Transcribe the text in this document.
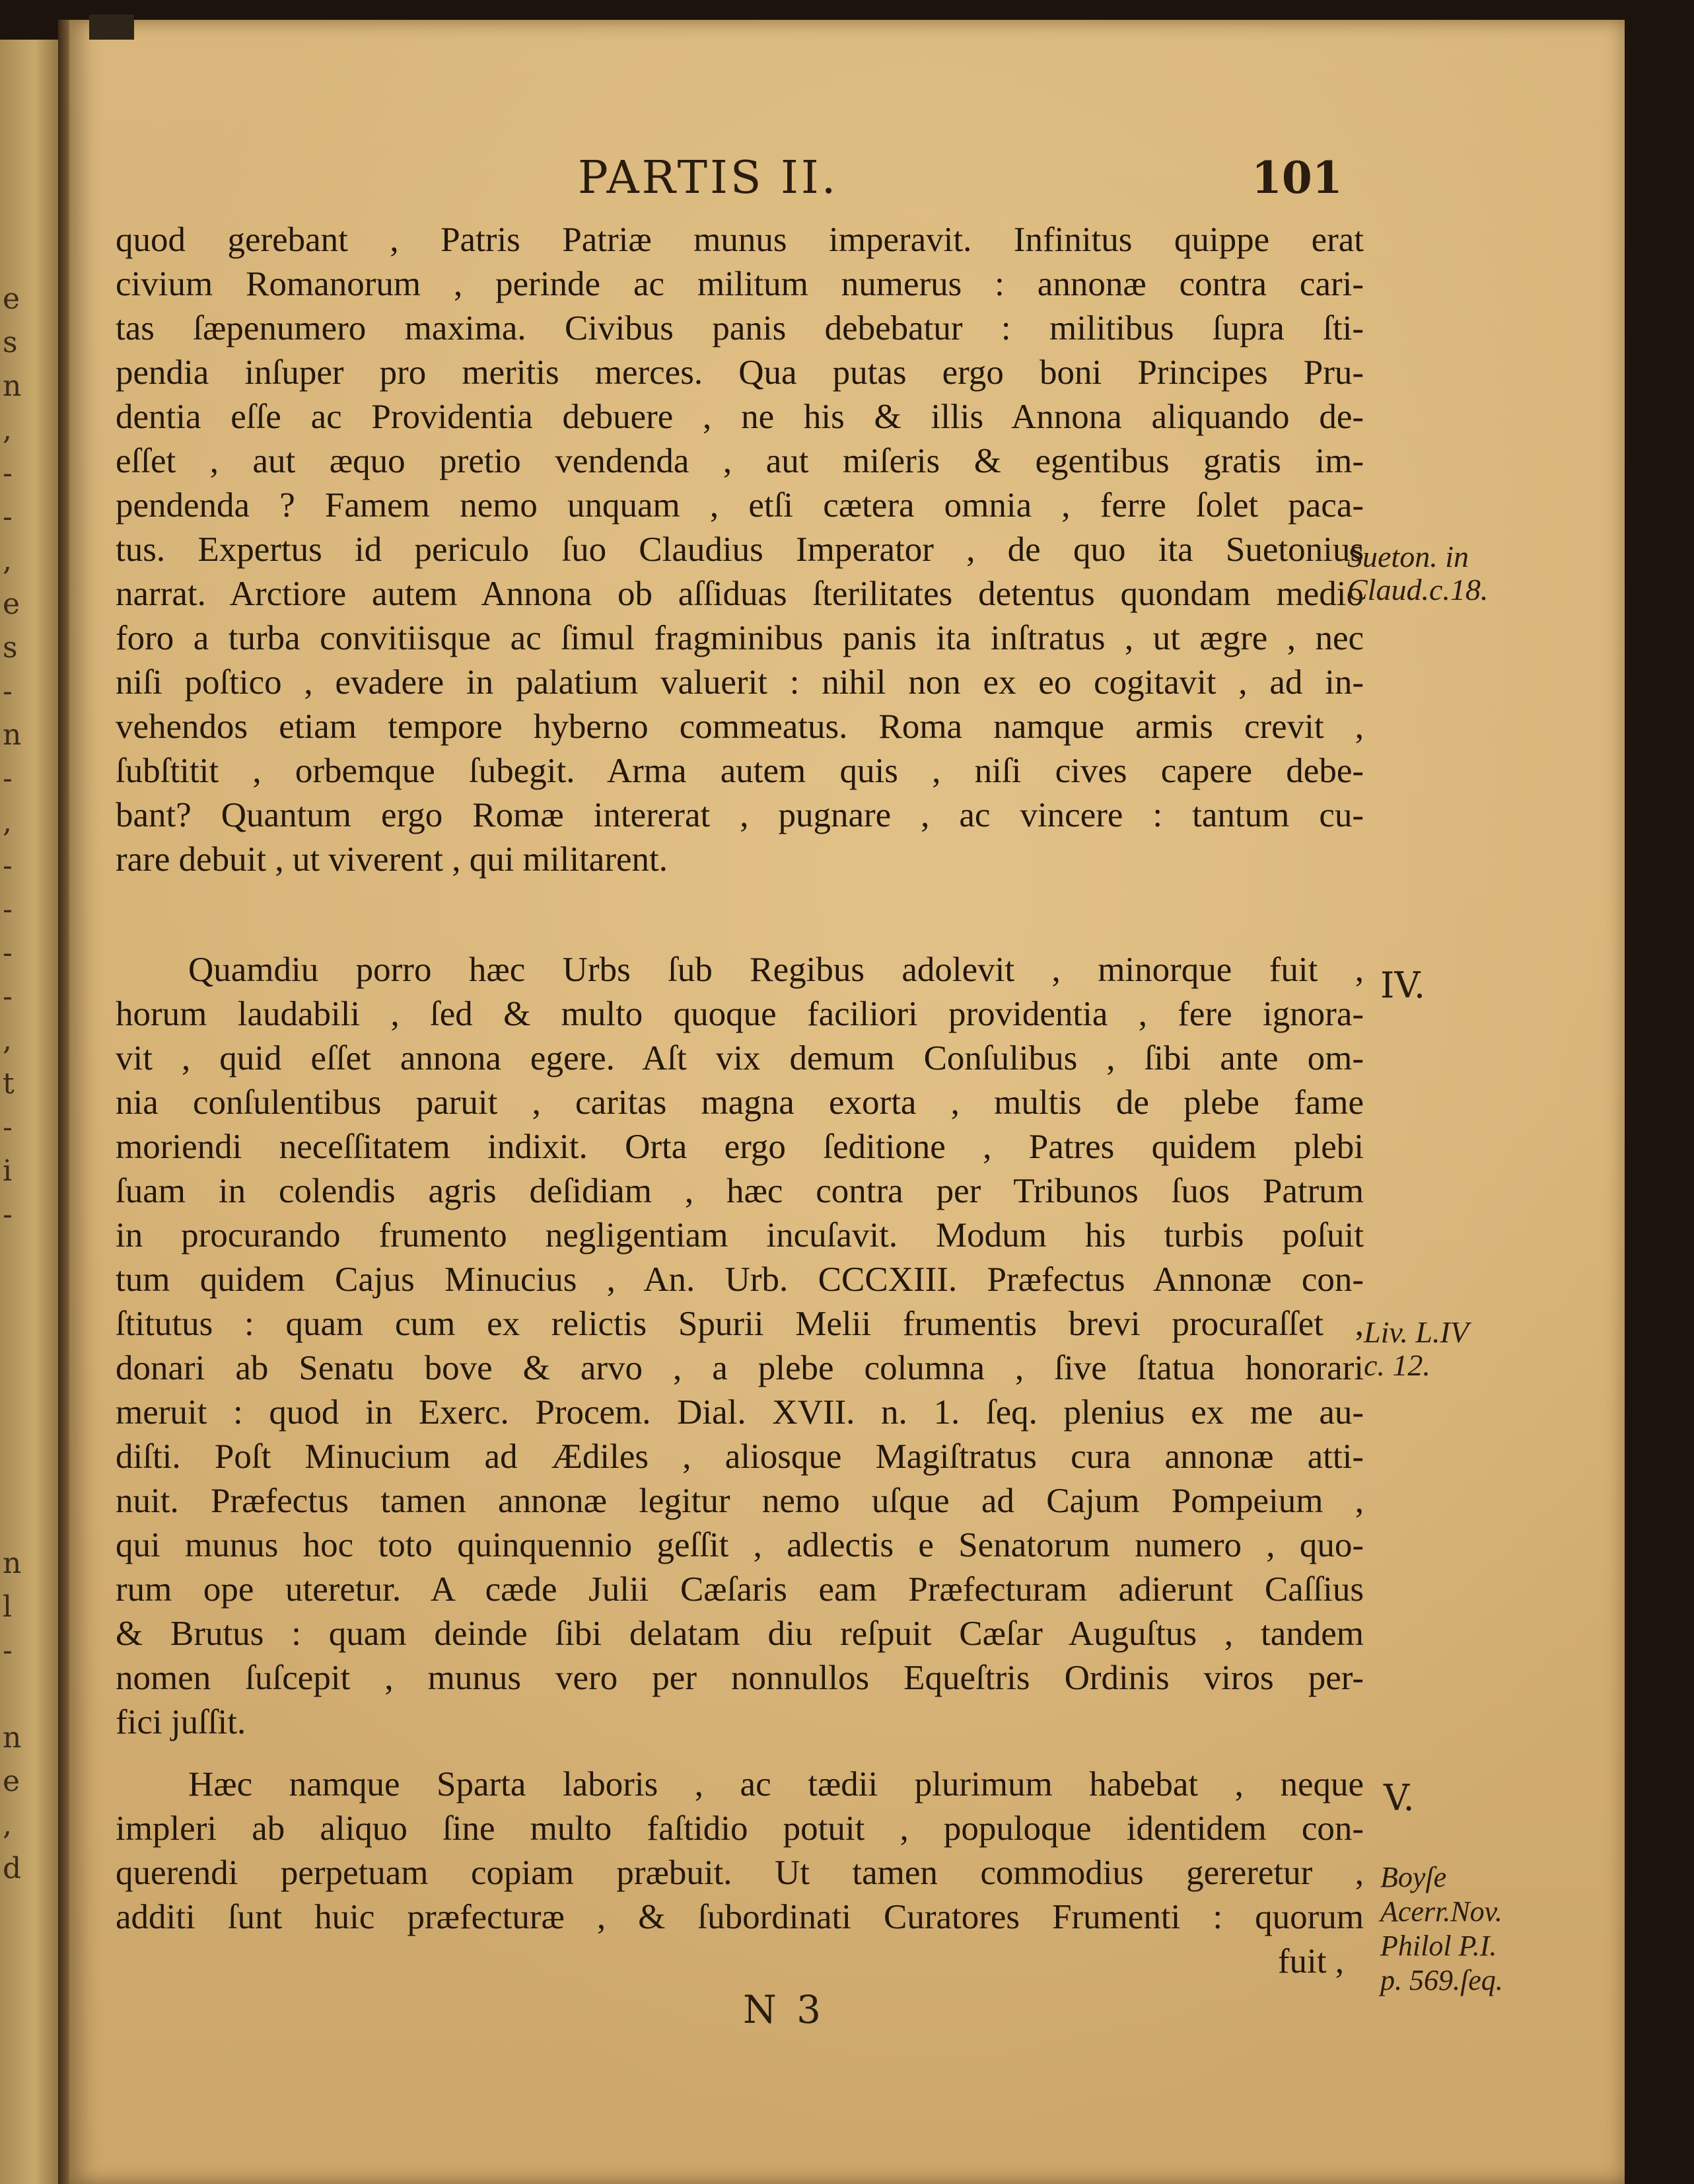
e
s
n
,
-
-
,
e
s
-
n
-
,
-
-
-
-
,
t
-
i
-
n
l
-
n
e
,
d
PARTIS II.	101
quod gerebant , Patris Patriæ munus imperavit. Infinitus quippe erat
civium Romanorum , perinde ac militum numerus : annonæ contra cari-
tas ſæpenumero maxima. Civibus panis debebatur : militibus ſupra ſti-
pendia inſuper pro meritis merces. Qua putas ergo boni Principes Pru-
dentia eſſe ac Providentia debuere , ne his & illis Annona aliquando de-
eſſet , aut æquo pretio vendenda , aut miſeris & egentibus gratis im-
pendenda ? Famem nemo unquam , etſi cætera omnia , ferre ſolet paca-
tus. Expertus id periculo ſuo Claudius Imperator , de quo ita Suetonius
narrat. Arctiore autem Annona ob aſſiduas ſterilitates detentus quondam medio
foro a turba convitiisque ac ſimul fragminibus panis ita inſtratus , ut ægre , nec
niſi poſtico , evadere in palatium valuerit : nihil non ex eo cogitavit , ad in-
vehendos etiam tempore hyberno commeatus. Roma namque armis crevit ,
ſubſtitit , orbemque ſubegit. Arma autem quis , niſi cives capere debe-
bant? Quantum ergo Romæ intererat , pugnare , ac vincere : tantum cu-
rare debuit , ut viverent , qui militarent.
Quamdiu porro hæc Urbs ſub Regibus adolevit , minorque fuit ,
horum laudabili , ſed & multo quoque faciliori providentia , fere ignora-
vit , quid eſſet annona egere. Aſt vix demum Conſulibus , ſibi ante om-
nia conſulentibus paruit , caritas magna exorta , multis de plebe fame
moriendi neceſſitatem indixit. Orta ergo ſeditione , Patres quidem plebi
ſuam in colendis agris deſidiam , hæc contra per Tribunos ſuos Patrum
in procurando frumento negligentiam incuſavit. Modum his turbis poſuit
tum quidem Cajus Minucius , An. Urb. CCCXIII. Præfectus Annonæ con-
ſtitutus : quam cum ex relictis Spurii Melii frumentis brevi procuraſſet ,
donari ab Senatu bove & arvo , a plebe columna , ſive ſtatua honorari
meruit : quod in Exerc. Procem. Dial. XVII. n. 1. ſeq. plenius ex me au-
diſti. Poſt Minucium ad Ædiles , aliosque Magiſtratus cura annonæ atti-
nuit. Præfectus tamen annonæ legitur nemo uſque ad Cajum Pompeium ,
qui munus hoc toto quinquennio geſſit , adlectis e Senatorum numero , quo-
rum ope uteretur. A cæde Julii Cæſaris eam Præfecturam adierunt Caſſius
& Brutus : quam deinde ſibi delatam diu reſpuit Cæſar Auguſtus , tandem
nomen ſuſcepit , munus vero per nonnullos Equeſtris Ordinis viros per-
fici juſſit.
Hæc namque Sparta laboris , ac tædii plurimum habebat , neque
impleri ab aliquo ſine multo faſtidio potuit , populoque identidem con-
querendi perpetuam copiam præbuit. Ut tamen commodius gereretur ,
additi ſunt huic præfecturæ , & ſubordinati Curatores Frumenti : quorum
fuit ,
Sueton. in
Claud.c.18.
IV.
Liv. L.IV
c. 12.
V.
Boyſe
Acerr.Nov.
Philol P.I.
p. 569.ſeq.
N 3
